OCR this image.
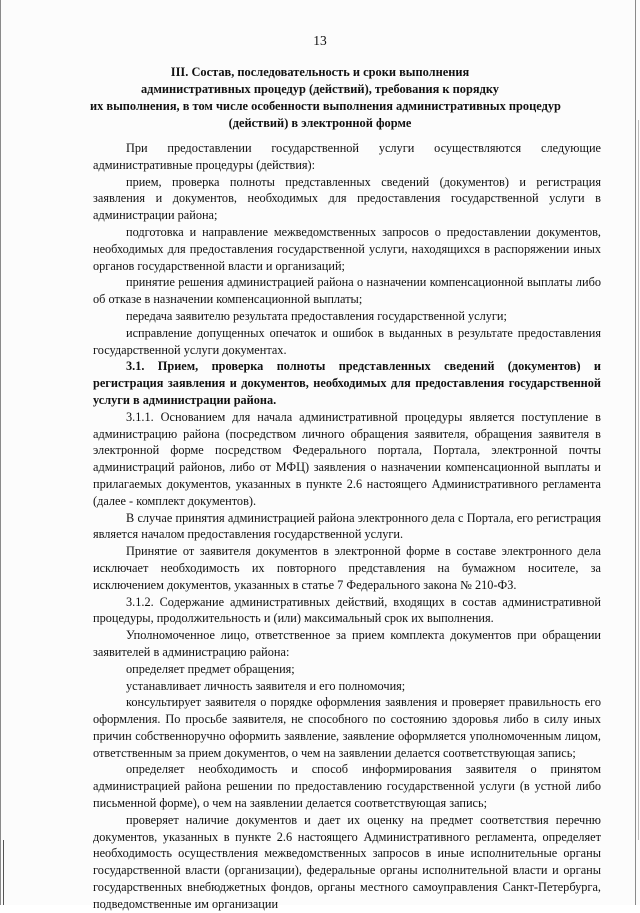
13
III. Состав, последовательность и сроки выполнения
административных процедур (действий), требования к порядку
их выполнения, в том числе особенности выполнения административных процедур
(действий) в электронной форме

При предоставлении государственной услуги осуществляются следующие административные процедуры (действия):

прием, проверка полноты представленных сведений (документов) и регистрация заявления и документов, необходимых для предоставления государственной услуги в администрации района;

подготовка и направление межведомственных запросов о предоставлении документов, необходимых для предоставления государственной услуги, находящихся в распоряжении иных органов государственной власти и организаций;

принятие решения администрацией района о назначении компенсационной выплаты либо об отказе в назначении компенсационной выплаты;

передача заявителю результата предоставления государственной услуги;

исправление допущенных опечаток и ошибок в выданных в результате предоставления государственной услуги документах.

3.1. Прием, проверка полноты представленных сведений (документов) и регистрация заявления и документов, необходимых для предоставления государственной услуги в администрации района.

3.1.1. Основанием для начала административной процедуры является поступление в администрацию района (посредством личного обращения заявителя, обращения заявителя в электронной форме посредством Федерального портала, Портала, электронной почты администраций районов, либо от МФЦ) заявления о назначении компенсационной выплаты и прилагаемых документов, указанных в пункте 2.6 настоящего Административного регламента (далее - комплект документов).

В случае принятия администрацией района электронного дела с Портала, его регистрация является началом предоставления государственной услуги.

Принятие от заявителя документов в электронной форме в составе электронного дела исключает необходимость их повторного представления на бумажном носителе, за исключением документов, указанных в статье 7 Федерального закона № 210-ФЗ.

3.1.2. Содержание административных действий, входящих в состав административной процедуры, продолжительность и (или) максимальный срок их выполнения.

Уполномоченное лицо, ответственное за прием комплекта документов при обращении заявителей в администрацию района:

определяет предмет обращения;

устанавливает личность заявителя и его полномочия;

консультирует заявителя о порядке оформления заявления и проверяет правильность его оформления. По просьбе заявителя, не способного по состоянию здоровья либо в силу иных причин собственноручно оформить заявление, заявление оформляется уполномоченным лицом, ответственным за прием документов, о чем на заявлении делается соответствующая запись;

определяет необходимость и способ информирования заявителя о принятом администрацией района решении по предоставлению государственной услуги (в устной либо письменной форме), о чем на заявлении делается соответствующая запись;

проверяет наличие документов и дает их оценку на предмет соответствия перечню документов, указанных в пункте 2.6 настоящего Административного регламента, определяет необходимость осуществления межведомственных запросов в иные исполнительные органы государственной власти (организации), федеральные органы исполнительной власти и органы государственных внебюджетных фондов, органы местного самоуправления Санкт-Петербурга, подведомственные им организации
